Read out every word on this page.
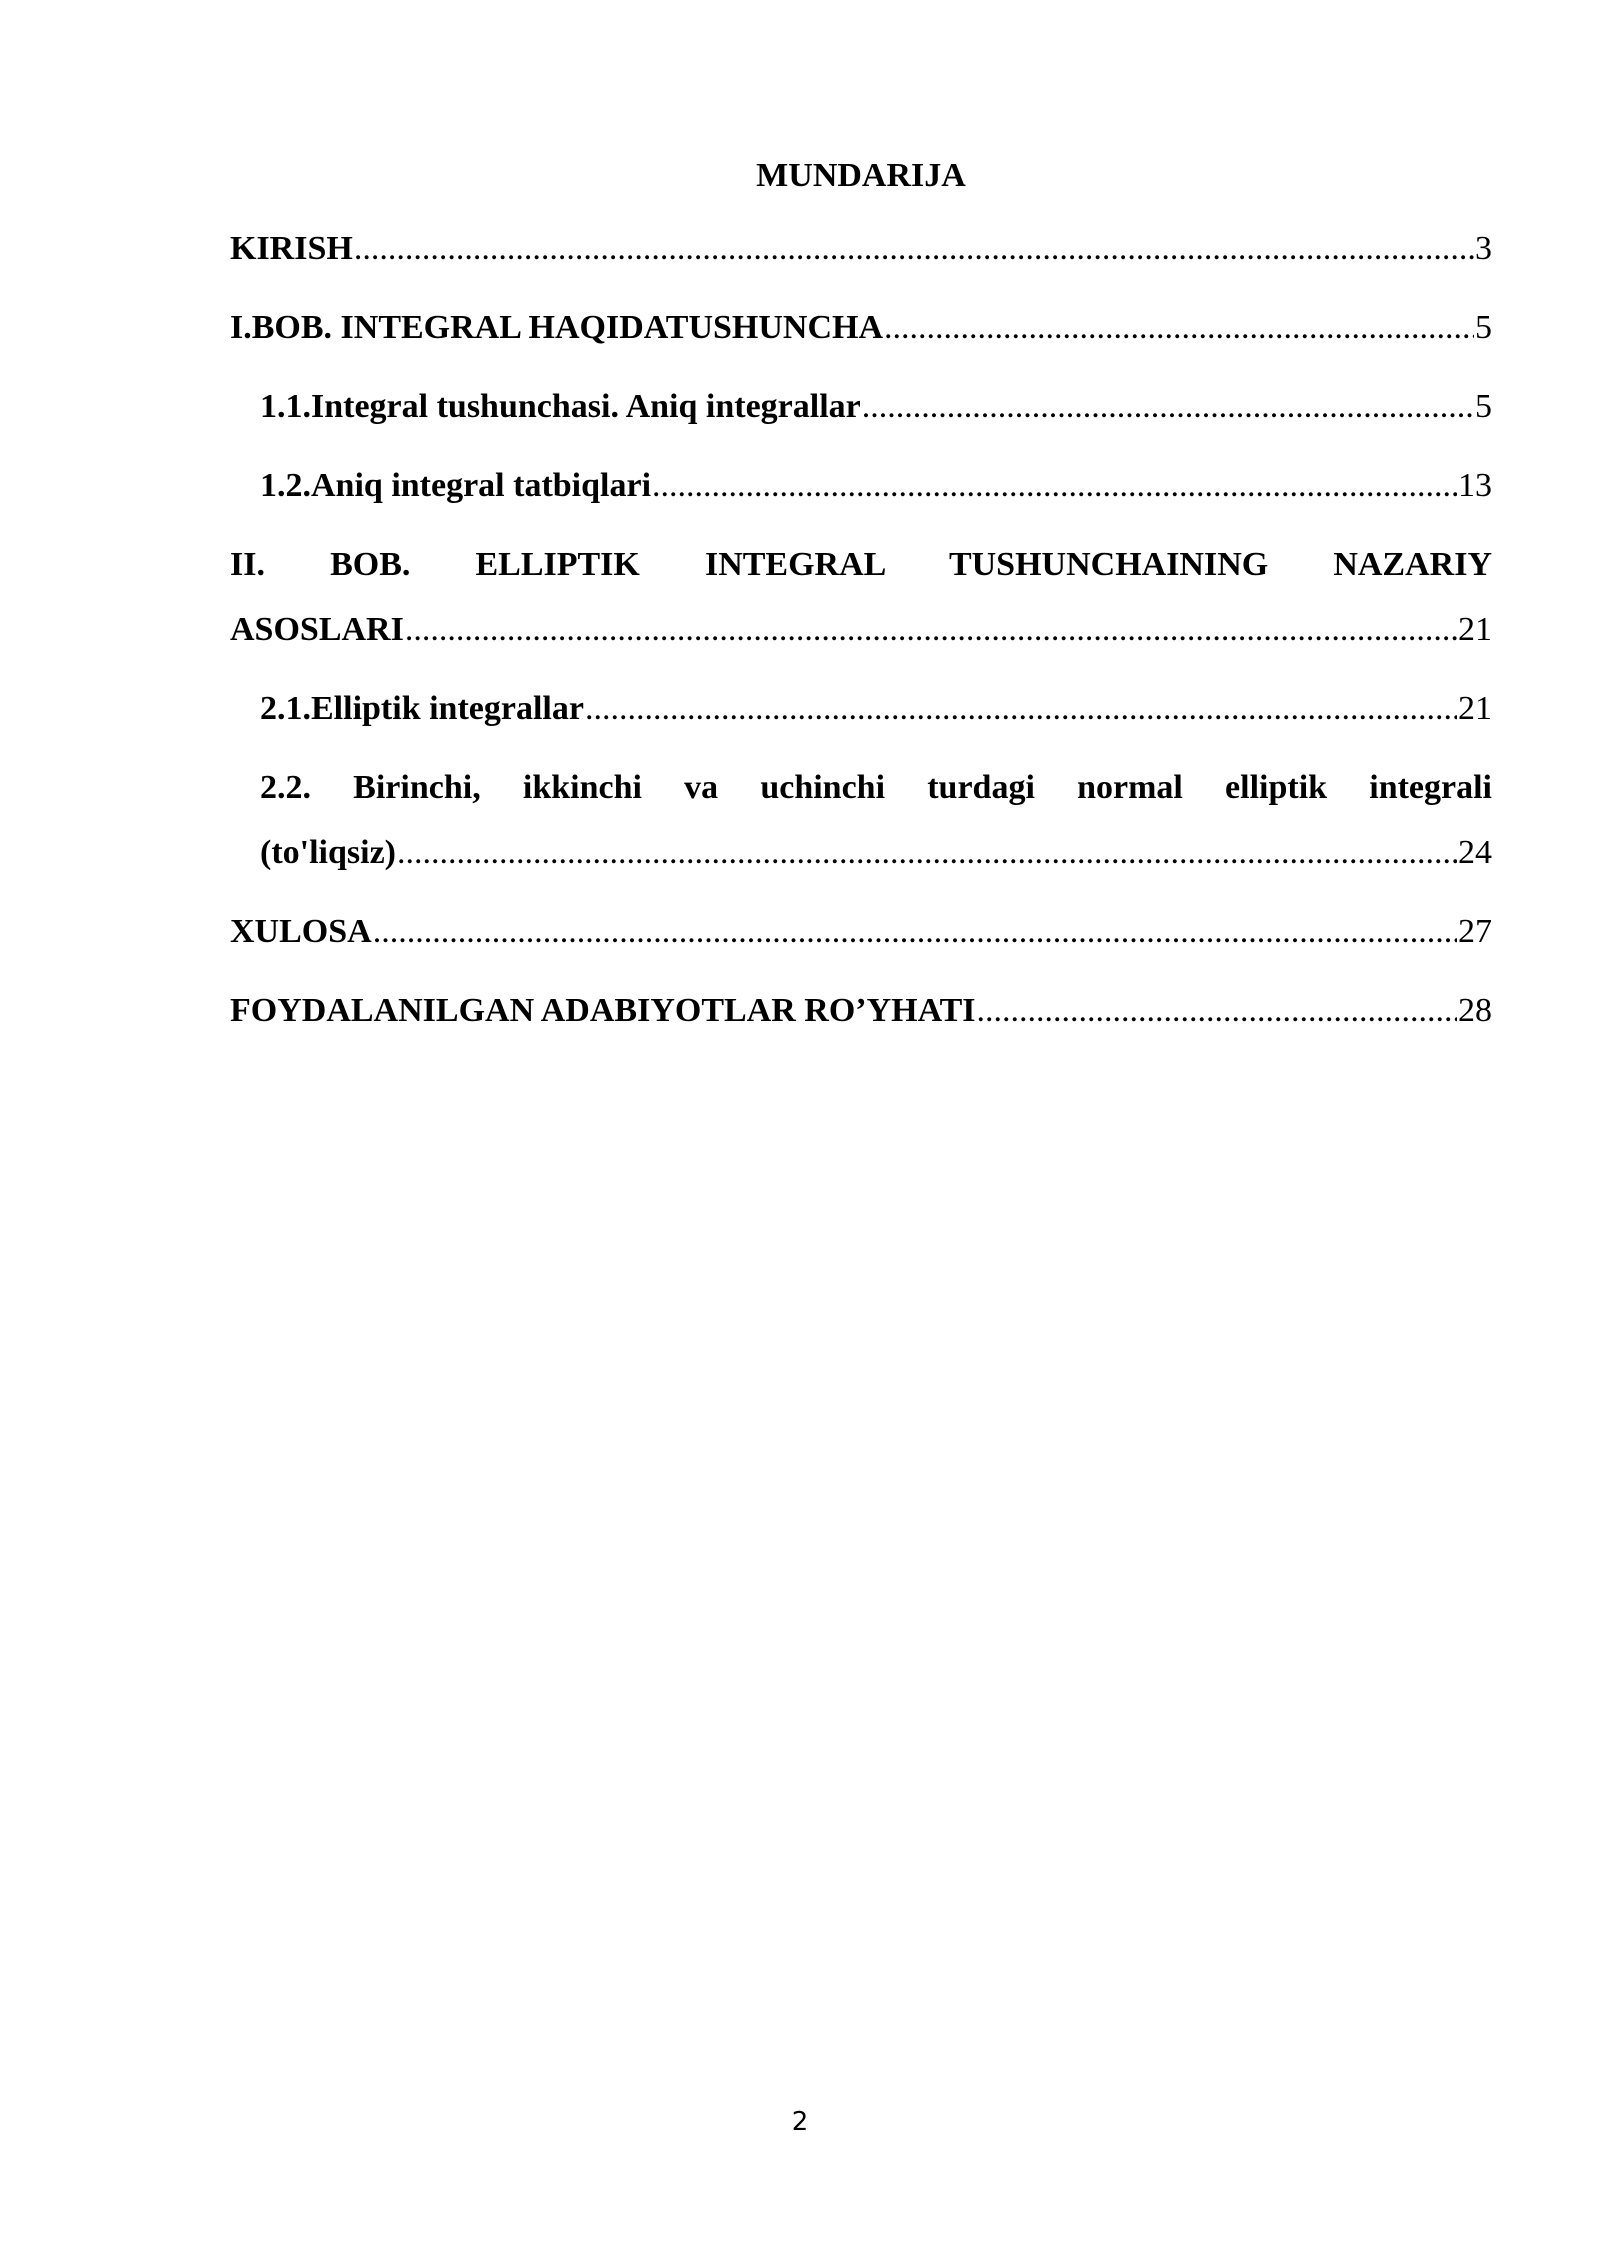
MUNDARIJA
KIRISH .....	3
I. BOB. INTEGRAL HAQIDATUSHUNCHA .....	5
1.1. Integral tushunchasi. Aniq integrallar .....	5
1.2. Aniq integral tatbiqlari .....	13
II. BOB. ELLIPTIK INTEGRAL TUSHUNCHAINING NAZARIY
ASOSLARI .....	21
2.1. Elliptik integrallar .....	21
2.2. Birinchi, ikkinchi va uchinchi turdagi normal elliptik integrali
(to'liqsiz) .....	24
XULOSA .....	27
FOYDALANILGAN ADABIYOTLAR RO’YHATI .....	28
2
